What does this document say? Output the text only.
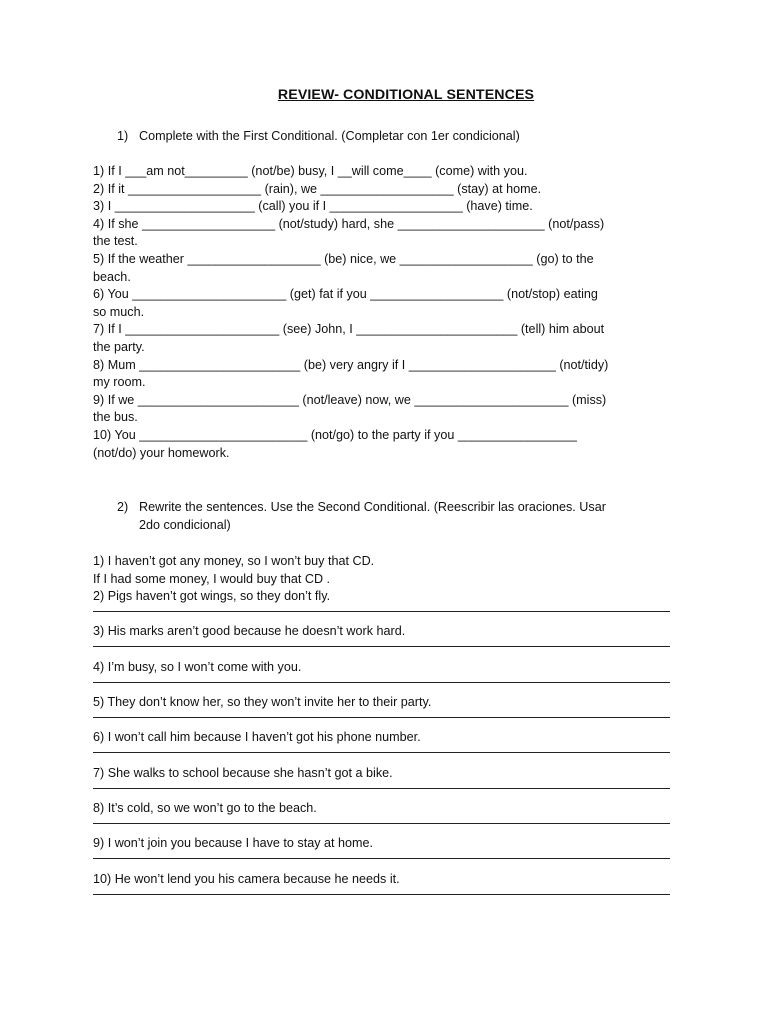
REVIEW- CONDITIONAL SENTENCES
1) Complete with the First Conditional. (Completar con 1er condicional)
1) If I ___am not_________ (not/be) busy, I __will come____ (come) with you.
2) If it ___________________ (rain), we ___________________ (stay) at home.
3) I ____________________ (call) you if I ___________________ (have) time.
4) If she ___________________ (not/study) hard, she _____________________ (not/pass)
the test.
5) If the weather ___________________ (be) nice, we ___________________ (go) to the
beach.
6) You ______________________ (get) fat if you ___________________ (not/stop) eating
so much.
7) If I ______________________ (see) John, I _______________________ (tell) him about
the party.
8) Mum _______________________ (be) very angry if I _____________________ (not/tidy)
my room.
9) If we _______________________ (not/leave) now, we ______________________ (miss)
the bus.
10) You ________________________ (not/go) to the party if you _________________
(not/do) your homework.
2) Rewrite the sentences. Use the Second Conditional. (Reescribir las oraciones. Usar
2do condicional)
1) I haven’t got any money, so I won’t buy that CD.
If I had some money, I would buy that CD .
2) Pigs haven’t got wings, so they don’t fly.
3) His marks aren’t good because he doesn’t work hard.
4) I’m busy, so I won’t come with you.
5) They don’t know her, so they won’t invite her to their party.
6) I won’t call him because I haven’t got his phone number.
7) She walks to school because she hasn’t got a bike.
8) It’s cold, so we won’t go to the beach.
9) I won’t join you because I have to stay at home.
10) He won’t lend you his camera because he needs it.
